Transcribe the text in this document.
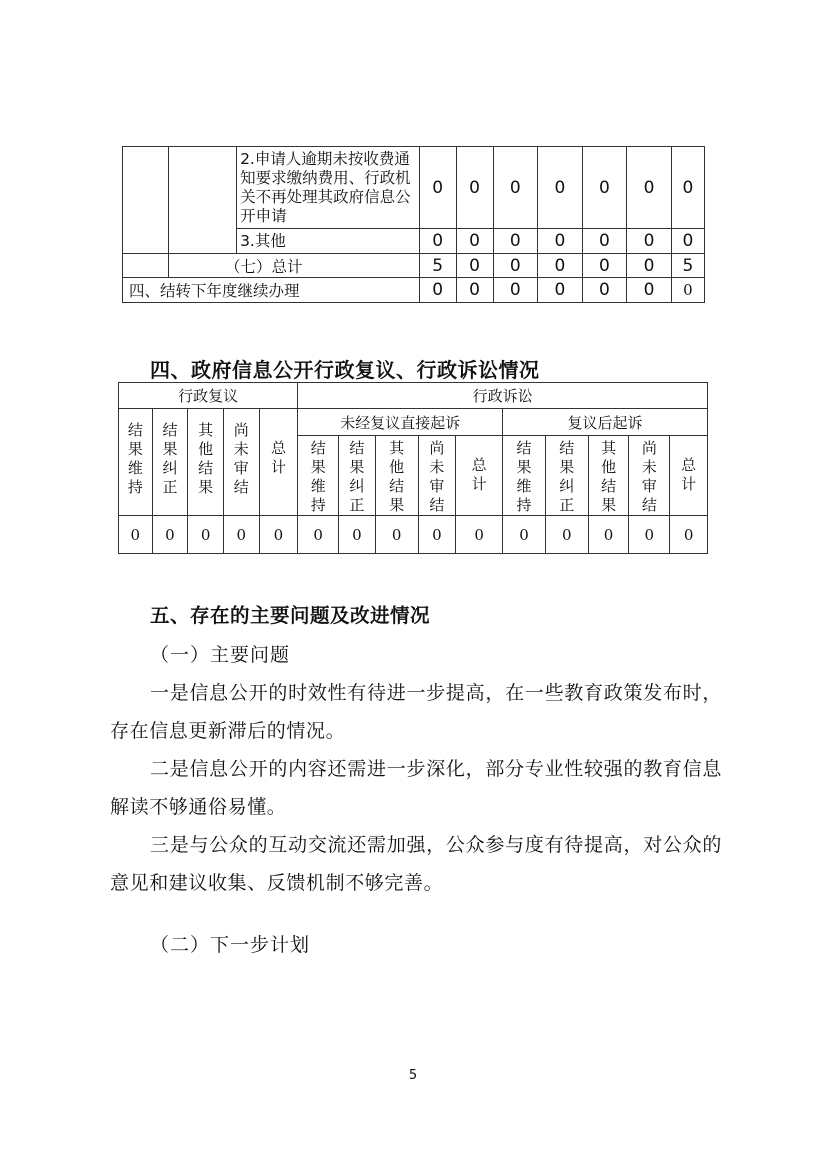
		2.申请人逾期未按收费通知要求缴纳费用、行政机关不再处理其政府信息公开申请	0	0	0	0	0	0	0
		3.其他	0	0	0	0	0	0	0
	（七）总计		5	0	0	0	0	0	5
四、结转下年度继续办理			0	0	0	0	0	0	0
四、政府信息公开行政复议、行政诉讼情况
行政复议					行政诉讼									
结果维持	结果纠正	其他结果	尚未审结	总计	未经复议直接起诉					复议后起诉				
					结果维持	结果纠正	其他结果	尚未审结	总计	结果维持	结果纠正	其他结果	尚未审结	总计
0	0	0	0	0	0	0	0	0	0	0	0	0	0	0
五、存在的主要问题及改进情况
（一）主要问题

一是信息公开的时效性有待进一步提高，在一些教育政策发布时，存在信息更新滞后的情况。

二是信息公开的内容还需进一步深化，部分专业性较强的教育信息解读不够通俗易懂。

三是与公众的互动交流还需加强，公众参与度有待提高，对公众的意见和建议收集、反馈机制不够完善。

（二）下一步计划
5
